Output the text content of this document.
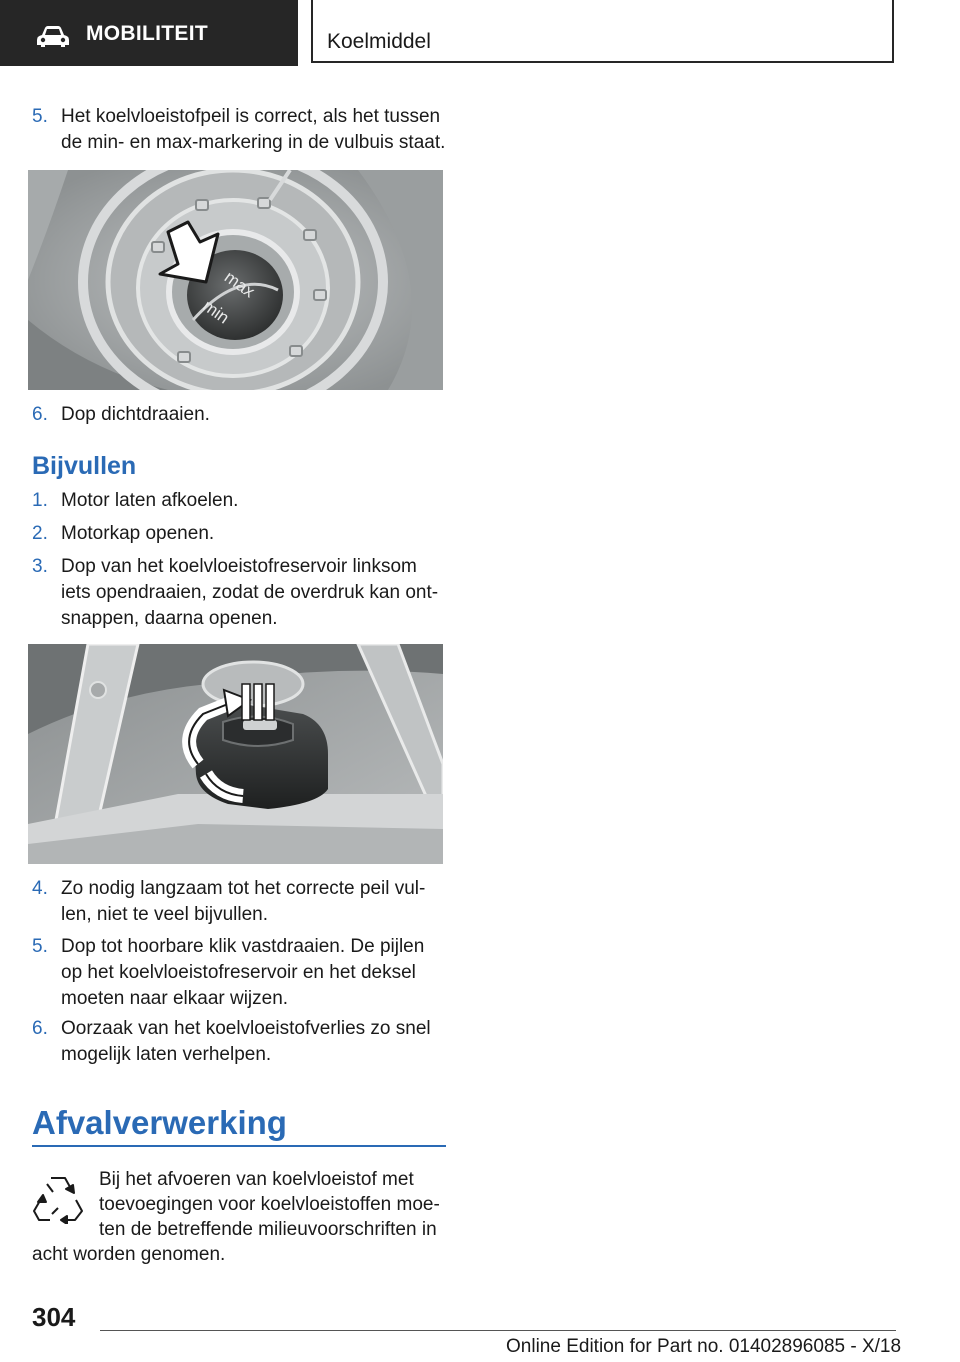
MOBILITEIT	Koelmiddel
5. Het koelvloeistofpeil is correct, als het tussen
de min- en max-markering in de vulbuis staat.
max
min
6. Dop dichtdraaien.
Bijvullen
1. Motor laten afkoelen.
2. Motorkap openen.
3. Dop van het koelvloeistofreservoir linksom
iets opendraaien, zodat de overdruk kan ont-
snappen, daarna openen.
4. Zo nodig langzaam tot het correcte peil vul-
len, niet te veel bijvullen.
5. Dop tot hoorbare klik vastdraaien. De pijlen
op het koelvloeistofreservoir en het deksel
moeten naar elkaar wijzen.
6. Oorzaak van het koelvloeistofverlies zo snel
mogelijk laten verhelpen.
Afvalverwerking
Bij het afvoeren van koelvloeistof met
toevoegingen voor koelvloeistoffen moe-
ten de betreffende milieuvoorschriften in
acht worden genomen.
304
Online Edition for Part no. 01402896085 - X/18
